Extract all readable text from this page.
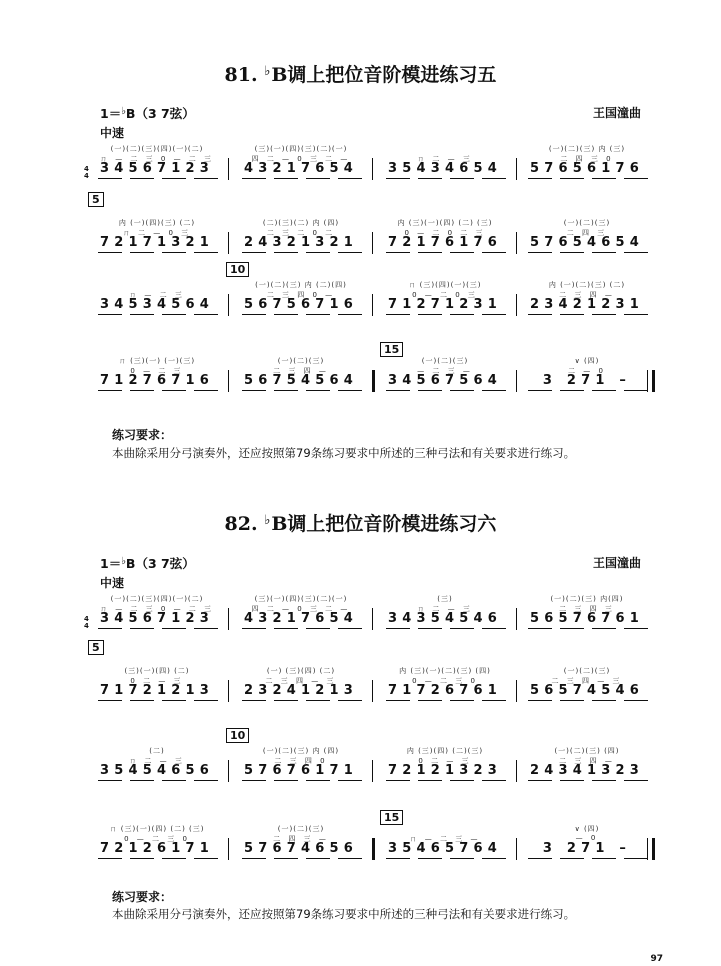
81. ♭B调上把位音阶模进练习五
1＝♭B（3 7弦）	王国潼曲
中速
82. ♭B调上把位音阶模进练习六
1＝♭B（3 7弦）	王国潼曲
中速
4
4
(一)(二)(三)(四)(一)(二)
ㄇ — 二 三 0 — 二 三
34567123
(三)(一)(四)(三)(二)(一)
四 二 — 0 三 二 —
43217654
ㄇ 二 — 三
35434654
(一)(二)(三) 内 (三)
二 四 三 0
57656176
5
内 (一)(四)(三) (二)
ㄇ 二 — 0 三
72171321
(二)(三)(二) 内 (四)
二 三 二 0 二
24321321
内 (三)(一)(四) (二) (三)
0 — 二 0 二 三
72176176
(一)(二)(三)
二 四 三
57654654
10
ㄇ — 二 三
34534564
(一)(二)(三) 内 (二)(四)
二 三 四 0 —
56756716
ㄇ (三)(四)(一)(三)
0 — 二 0 三
71271231
内 (一)(二)(三) (二)
二 三 四 —
23421231
15
ㄇ (三)(一) (一)(三)
0 — 二 三
71276716
(一)(二)(三)
二 三 四 —
56754564
(一)(二)(三)
— 二 三 —
34567564
∨ (四)
二 — 0
3 271 –
4
4
(一)(二)(三)(四)(一)(二)
ㄇ — 二 三 0 — 二 三
34567123
(三)(一)(四)(三)(二)(一)
四 二 — 0 三 二 —
43217654
(三)
ㄇ 二 — 三
34354546
(一)(二)(三) 内(四)
二 三 四 三
56576761
5
(三)(一)(四) (二)
0 二 — 三
71721213
(一) (三)(四) (二)
二 三 四 — 三
23241213
内 (三)(一)(二)(三) (四)
0 — 二 三 0
71726761
(一)(二)(三)
二 三 四 — 三
56574546
10
(二)
ㄇ 二 — 三
35454656
(一)(二)(三) 内 (四)
二 三 四 0
57676171
内 (三)(四) (二)(三)
0 二 — 三
72121323
(一)(二)(三) (四)
二 三 四 —
24341323
15
ㄇ (三)(一)(四) (二) (三)
0 — 二 三 0
72126171
(一)(二)(三)
二 四 三 —
57674656
ㄇ — 二 三 —
35465764
∨ (四)
— 0
3 271 –
练习要求：
本曲除采用分弓演奏外，还应按照第79条练习要求中所述的三种弓法和有关要求进行练习。
练习要求：
本曲除采用分弓演奏外，还应按照第79条练习要求中所述的三种弓法和有关要求进行练习。
97
